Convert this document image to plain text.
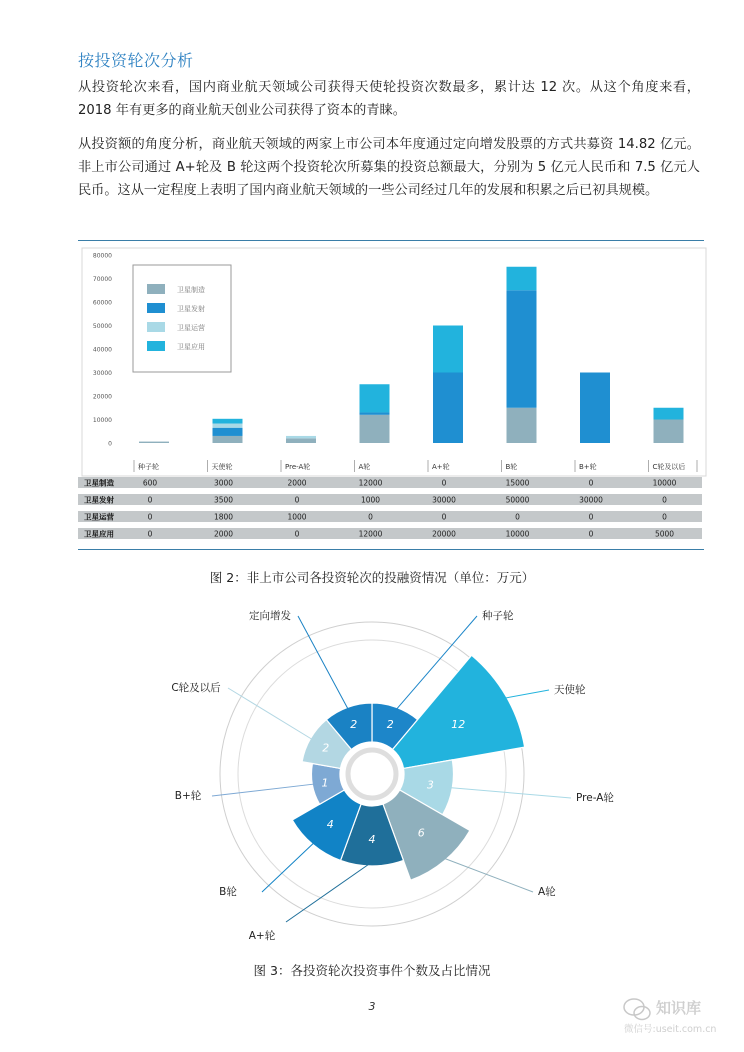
按投资轮次分析
从投资轮次来看，国内商业航天领域公司获得天使轮投资次数最多，累计达 12 次。从这个角度来看，2018 年有更多的商业航天创业公司获得了资本的青睐。
从投资额的角度分析，商业航天领域的两家上市公司本年度通过定向增发股票的方式共募资 14.82 亿元。非上市公司通过 A+轮及 B 轮这两个投资轮次所募集的投资总额最大，分别为 5 亿元人民币和 7.5 亿元人民币。这从一定程度上表明了国内商业航天领域的一些公司经过几年的发展和积累之后已初具规模。
80000
70000
60000
50000
40000
30000
20000
10000
0
卫星制造
卫星发射
卫星运营
卫星应用
种子轮	天使轮	Pre-A轮	A轮	A+轮	B轮	B+轮	C轮及以后
卫星制造	600	3000	2000	12000	0	15000	0	10000
卫星发射	0	3500	0	1000	30000	50000	30000	0
卫星运营	0	1800	1000	0	0	0	0	0
卫星应用	0	2000	0	12000	20000	10000	0	5000
图 2：非上市公司各投资轮次的投融资情况（单位：万元）
2
种子轮
12
天使轮
3
Pre-A轮
6
A轮
4
A+轮
4
B轮
1
B+轮
2
C轮及以后
2
定向增发
图 3：各投资轮次投资事件个数及占比情况
3	知识库
微信号:useit.com.cn
